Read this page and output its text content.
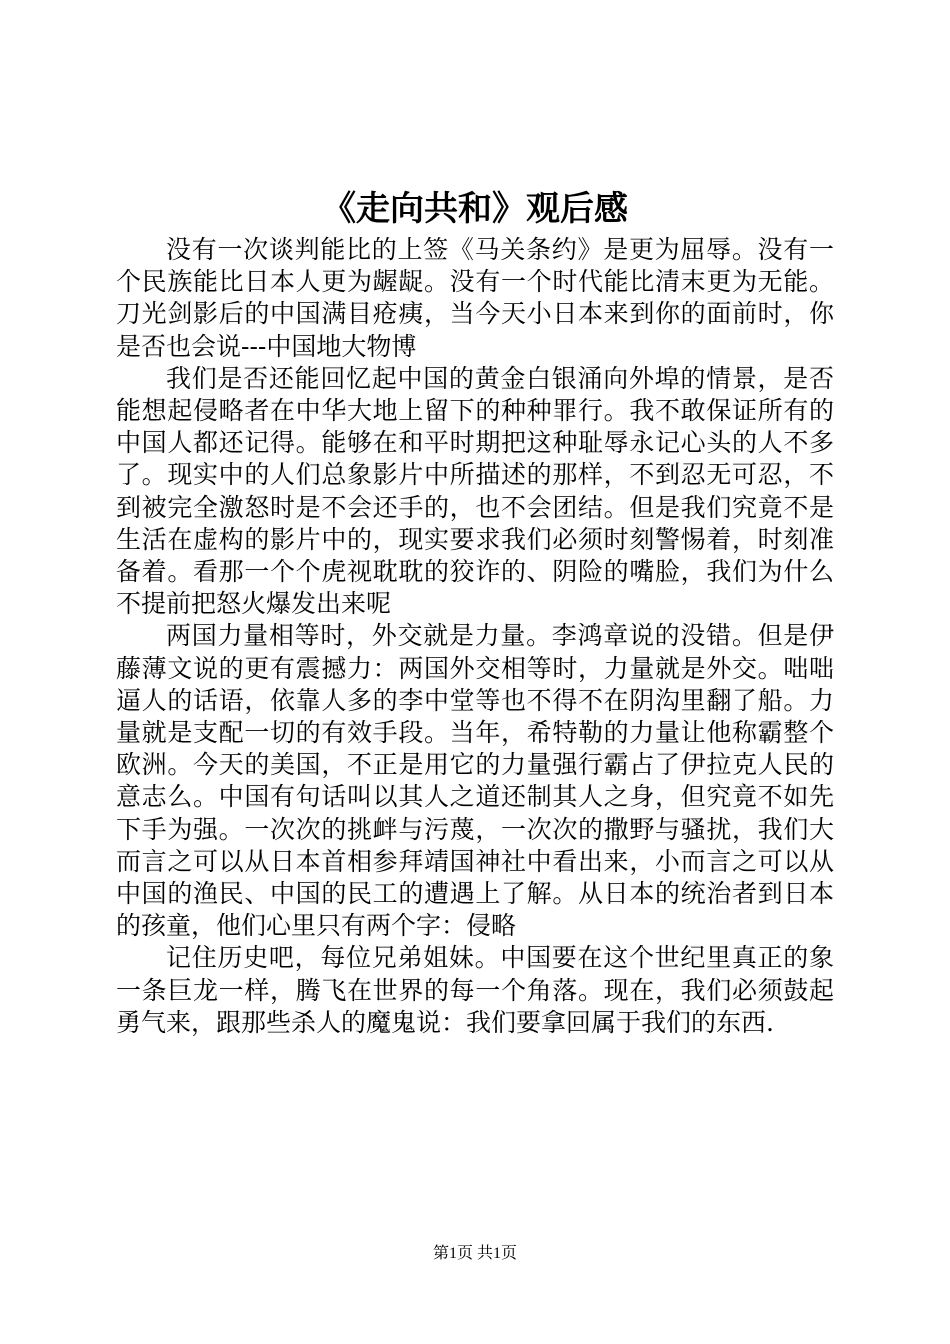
《走向共和》观后感

没有一次谈判能比的上签《马关条约》是更为屈辱。没有一个民族能比日本人更为龌龊。没有一个时代能比清末更为无能。刀光剑影后的中国满目疮痍，当今天小日本来到你的面前时，你是否也会说---中国地大物博

我们是否还能回忆起中国的黄金白银涌向外埠的情景，是否能想起侵略者在中华大地上留下的种种罪行。我不敢保证所有的中国人都还记得。能够在和平时期把这种耻辱永记心头的人不多了。现实中的人们总象影片中所描述的那样，不到忍无可忍，不到被完全激怒时是不会还手的，也不会团结。但是我们究竟不是生活在虚构的影片中的，现实要求我们必须时刻警惕着，时刻准备着。看那一个个虎视耽耽的狡诈的、阴险的嘴脸，我们为什么不提前把怒火爆发出来呢

两国力量相等时，外交就是力量。李鸿章说的没错。但是伊藤薄文说的更有震撼力：两国外交相等时，力量就是外交。咄咄逼人的话语，依靠人多的李中堂等也不得不在阴沟里翻了船。力量就是支配一切的有效手段。当年，希特勒的力量让他称霸整个欧洲。今天的美国，不正是用它的力量强行霸占了伊拉克人民的意志么。中国有句话叫以其人之道还制其人之身，但究竟不如先下手为强。一次次的挑衅与污蔑，一次次的撒野与骚扰，我们大而言之可以从日本首相参拜靖国神社中看出来，小而言之可以从中国的渔民、中国的民工的遭遇上了解。从日本的统治者到日本的孩童，他们心里只有两个字：侵略

记住历史吧，每位兄弟姐妹。中国要在这个世纪里真正的象一条巨龙一样，腾飞在世界的每一个角落。现在，我们必须鼓起勇气来，跟那些杀人的魔鬼说：我们要拿回属于我们的东西.

第1页 共1页
